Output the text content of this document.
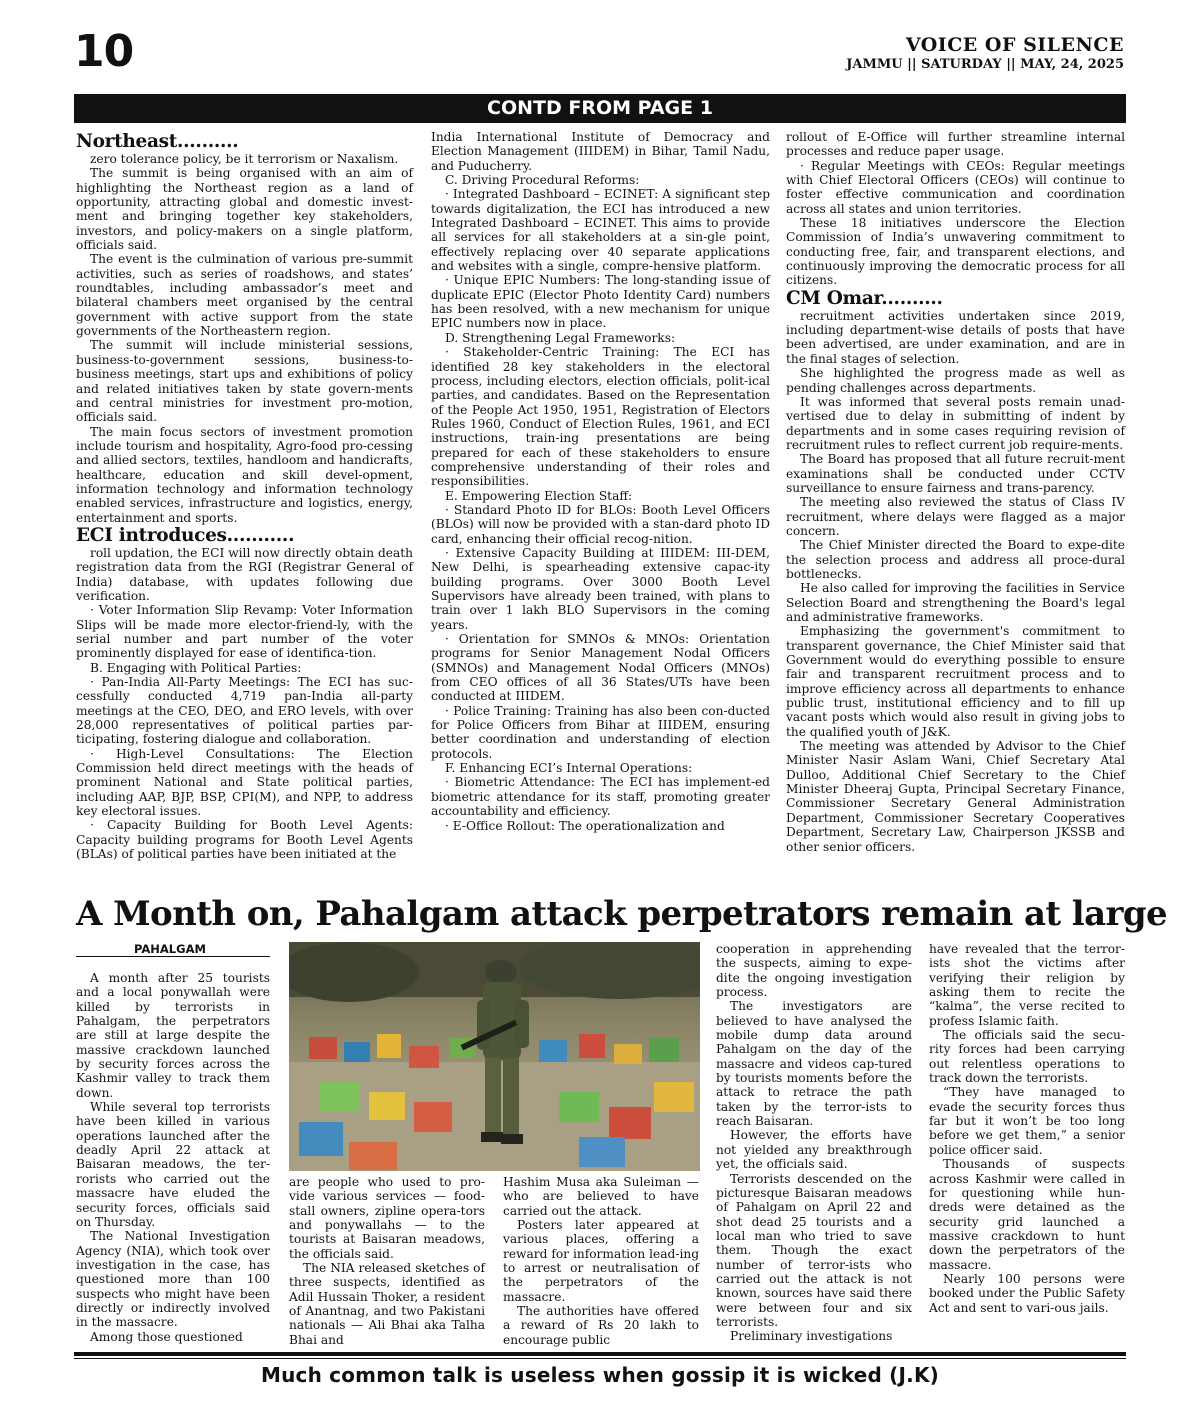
10	VOICE OF SILENCE
JAMMU || SATURDAY || MAY, 24, 2025
CONTD FROM PAGE 1

Northeast..........

zero tolerance policy, be it terrorism or Naxalism.

The summit is being organised with an aim of highlighting the Northeast region as a land of opportunity, attracting global and domestic invest-ment and bringing together key stakeholders, investors, and policy-makers on a single platform, officials said.

The event is the culmination of various pre-summit activities, such as series of roadshows, and states’ roundtables, including ambassador’s meet and bilateral chambers meet organised by the central government with active support from the state governments of the Northeastern region.

The summit will include ministerial sessions, business-to-government sessions, business-to-business meetings, start ups and exhibitions of policy and related initiatives taken by state govern-ments and central ministries for investment pro-motion, officials said.

The main focus sectors of investment promotion include tourism and hospitality, Agro-food pro-cessing and allied sectors, textiles, handloom and handicrafts, healthcare, education and skill devel-opment, information technology and information technology enabled services, infrastructure and logistics, energy, entertainment and sports.

ECI introduces...........

roll updation, the ECI will now directly obtain death registration data from the RGI (Registrar General of India) database, with updates following due verification.

· Voter Information Slip Revamp: Voter Information Slips will be made more elector-friend-ly, with the serial number and part number of the voter prominently displayed for ease of identifica-tion.

B. Engaging with Political Parties:

· Pan-India All-Party Meetings: The ECI has suc-cessfully conducted 4,719 pan-India all-party meetings at the CEO, DEO, and ERO levels, with over 28,000 representatives of political parties par-ticipating, fostering dialogue and collaboration.

· High-Level Consultations: The Election Commission held direct meetings with the heads of prominent National and State political parties, including AAP, BJP, BSP, CPI(M), and NPP, to address key electoral issues.

· Capacity Building for Booth Level Agents: Capacity building programs for Booth Level Agents (BLAs) of political parties have been initiated at the

India International Institute of Democracy and Election Management (IIIDEM) in Bihar, Tamil Nadu, and Puducherry.

C. Driving Procedural Reforms:

· Integrated Dashboard – ECINET: A significant step towards digitalization, the ECI has introduced a new Integrated Dashboard – ECINET. This aims to provide all services for all stakeholders at a sin-gle point, effectively replacing over 40 separate applications and websites with a single, compre-hensive platform.

· Unique EPIC Numbers: The long-standing issue of duplicate EPIC (Elector Photo Identity Card) numbers has been resolved, with a new mechanism for unique EPIC numbers now in place.

D. Strengthening Legal Frameworks:

· Stakeholder-Centric Training: The ECI has identified 28 key stakeholders in the electoral process, including electors, election officials, polit-ical parties, and candidates. Based on the Representation of the People Act 1950, 1951, Registration of Electors Rules 1960, Conduct of Election Rules, 1961, and ECI instructions, train-ing presentations are being prepared for each of these stakeholders to ensure comprehensive understanding of their roles and responsibilities.

E. Empowering Election Staff:

· Standard Photo ID for BLOs: Booth Level Officers (BLOs) will now be provided with a stan-dard photo ID card, enhancing their official recog-nition.

· Extensive Capacity Building at IIIDEM: III-DEM, New Delhi, is spearheading extensive capac-ity building programs. Over 3000 Booth Level Supervisors have already been trained, with plans to train over 1 lakh BLO Supervisors in the coming years.

· Orientation for SMNOs & MNOs: Orientation programs for Senior Management Nodal Officers (SMNOs) and Management Nodal Officers (MNOs) from CEO offices of all 36 States/UTs have been conducted at IIIDEM.

· Police Training: Training has also been con-ducted for Police Officers from Bihar at IIIDEM, ensuring better coordination and understanding of election protocols.

F. Enhancing ECI’s Internal Operations:

· Biometric Attendance: The ECI has implement-ed biometric attendance for its staff, promoting greater accountability and efficiency.

· E-Office Rollout: The operationalization and

rollout of E-Office will further streamline internal processes and reduce paper usage.

· Regular Meetings with CEOs: Regular meetings with Chief Electoral Officers (CEOs) will continue to foster effective communication and coordination across all states and union territories.

These 18 initiatives underscore the Election Commission of India’s unwavering commitment to conducting free, fair, and transparent elections, and continuously improving the democratic process for all citizens.

CM Omar..........

recruitment activities undertaken since 2019, including department-wise details of posts that have been advertised, are under examination, and are in the final stages of selection.

She highlighted the progress made as well as pending challenges across departments.

It was informed that several posts remain unad-vertised due to delay in submitting of indent by departments and in some cases requiring revision of recruitment rules to reflect current job require-ments.

The Board has proposed that all future recruit-ment examinations shall be conducted under CCTV surveillance to ensure fairness and trans-parency.

The meeting also reviewed the status of Class IV recruitment, where delays were flagged as a major concern.

The Chief Minister directed the Board to expe-dite the selection process and address all proce-dural bottlenecks.

He also called for improving the facilities in Service Selection Board and strengthening the Board's legal and administrative frameworks.

Emphasizing the government's commitment to transparent governance, the Chief Minister said that Government would do everything possible to ensure fair and transparent recruitment process and to improve efficiency across all departments to enhance public trust, institutional efficiency and to fill up vacant posts which would also result in giving jobs to the qualified youth of J&K.

The meeting was attended by Advisor to the Chief Minister Nasir Aslam Wani, Chief Secretary Atal Dulloo, Additional Chief Secretary to the Chief Minister Dheeraj Gupta, Principal Secretary Finance, Commissioner Secretary General Administration Department, Commissioner Secretary Cooperatives Department, Secretary Law, Chairperson JKSSB and other senior officers.

A Month on, Pahalgam attack perpetrators remain at large
PAHALGAM

A month after 25 tourists and a local ponywallah were killed by terrorists in Pahalgam, the perpetrators are still at large despite the massive crackdown launched by security forces across the Kashmir valley to track them down.

While several top terrorists have been killed in various operations launched after the deadly April 22 attack at Baisaran meadows, the ter-rorists who carried out the massacre have eluded the security forces, officials said on Thursday.

The National Investigation Agency (NIA), which took over investigation in the case, has questioned more than 100 suspects who might have been directly or indirectly involved in the massacre.

Among those questioned

are people who used to pro-vide various services — food-stall owners, zipline opera-tors and ponywallahs — to the tourists at Baisaran meadows, the officials said.

The NIA released sketches of three suspects, identified as Adil Hussain Thoker, a resident of Anantnag, and two Pakistani nationals — Ali Bhai aka Talha Bhai and

Hashim Musa aka Suleiman — who are believed to have carried out the attack.

Posters later appeared at various places, offering a reward for information lead-ing to arrest or neutralisation of the perpetrators of the massacre.

The authorities have offered a reward of Rs 20 lakh to encourage public

cooperation in apprehending the suspects, aiming to expe-dite the ongoing investigation process.

The investigators are believed to have analysed the mobile dump data around Pahalgam on the day of the massacre and videos cap-tured by tourists moments before the attack to retrace the path taken by the terror-ists to reach Baisaran.

However, the efforts have not yielded any breakthrough yet, the officials said.

Terrorists descended on the picturesque Baisaran meadows of Pahalgam on April 22 and shot dead 25 tourists and a local man who tried to save them. Though the exact number of terror-ists who carried out the attack is not known, sources have said there were between four and six terrorists.

Preliminary investigations

have revealed that the terror-ists shot the victims after verifying their religion by asking them to recite the “kalma”, the verse recited to profess Islamic faith.

The officials said the secu-rity forces had been carrying out relentless operations to track down the terrorists.

“They have managed to evade the security forces thus far but it won’t be too long before we get them,” a senior police officer said.

Thousands of suspects across Kashmir were called in for questioning while hun-dreds were detained as the security grid launched a massive crackdown to hunt down the perpetrators of the massacre.

Nearly 100 persons were booked under the Public Safety Act and sent to vari-ous jails.

Much common talk is useless when gossip it is wicked (J.K)
